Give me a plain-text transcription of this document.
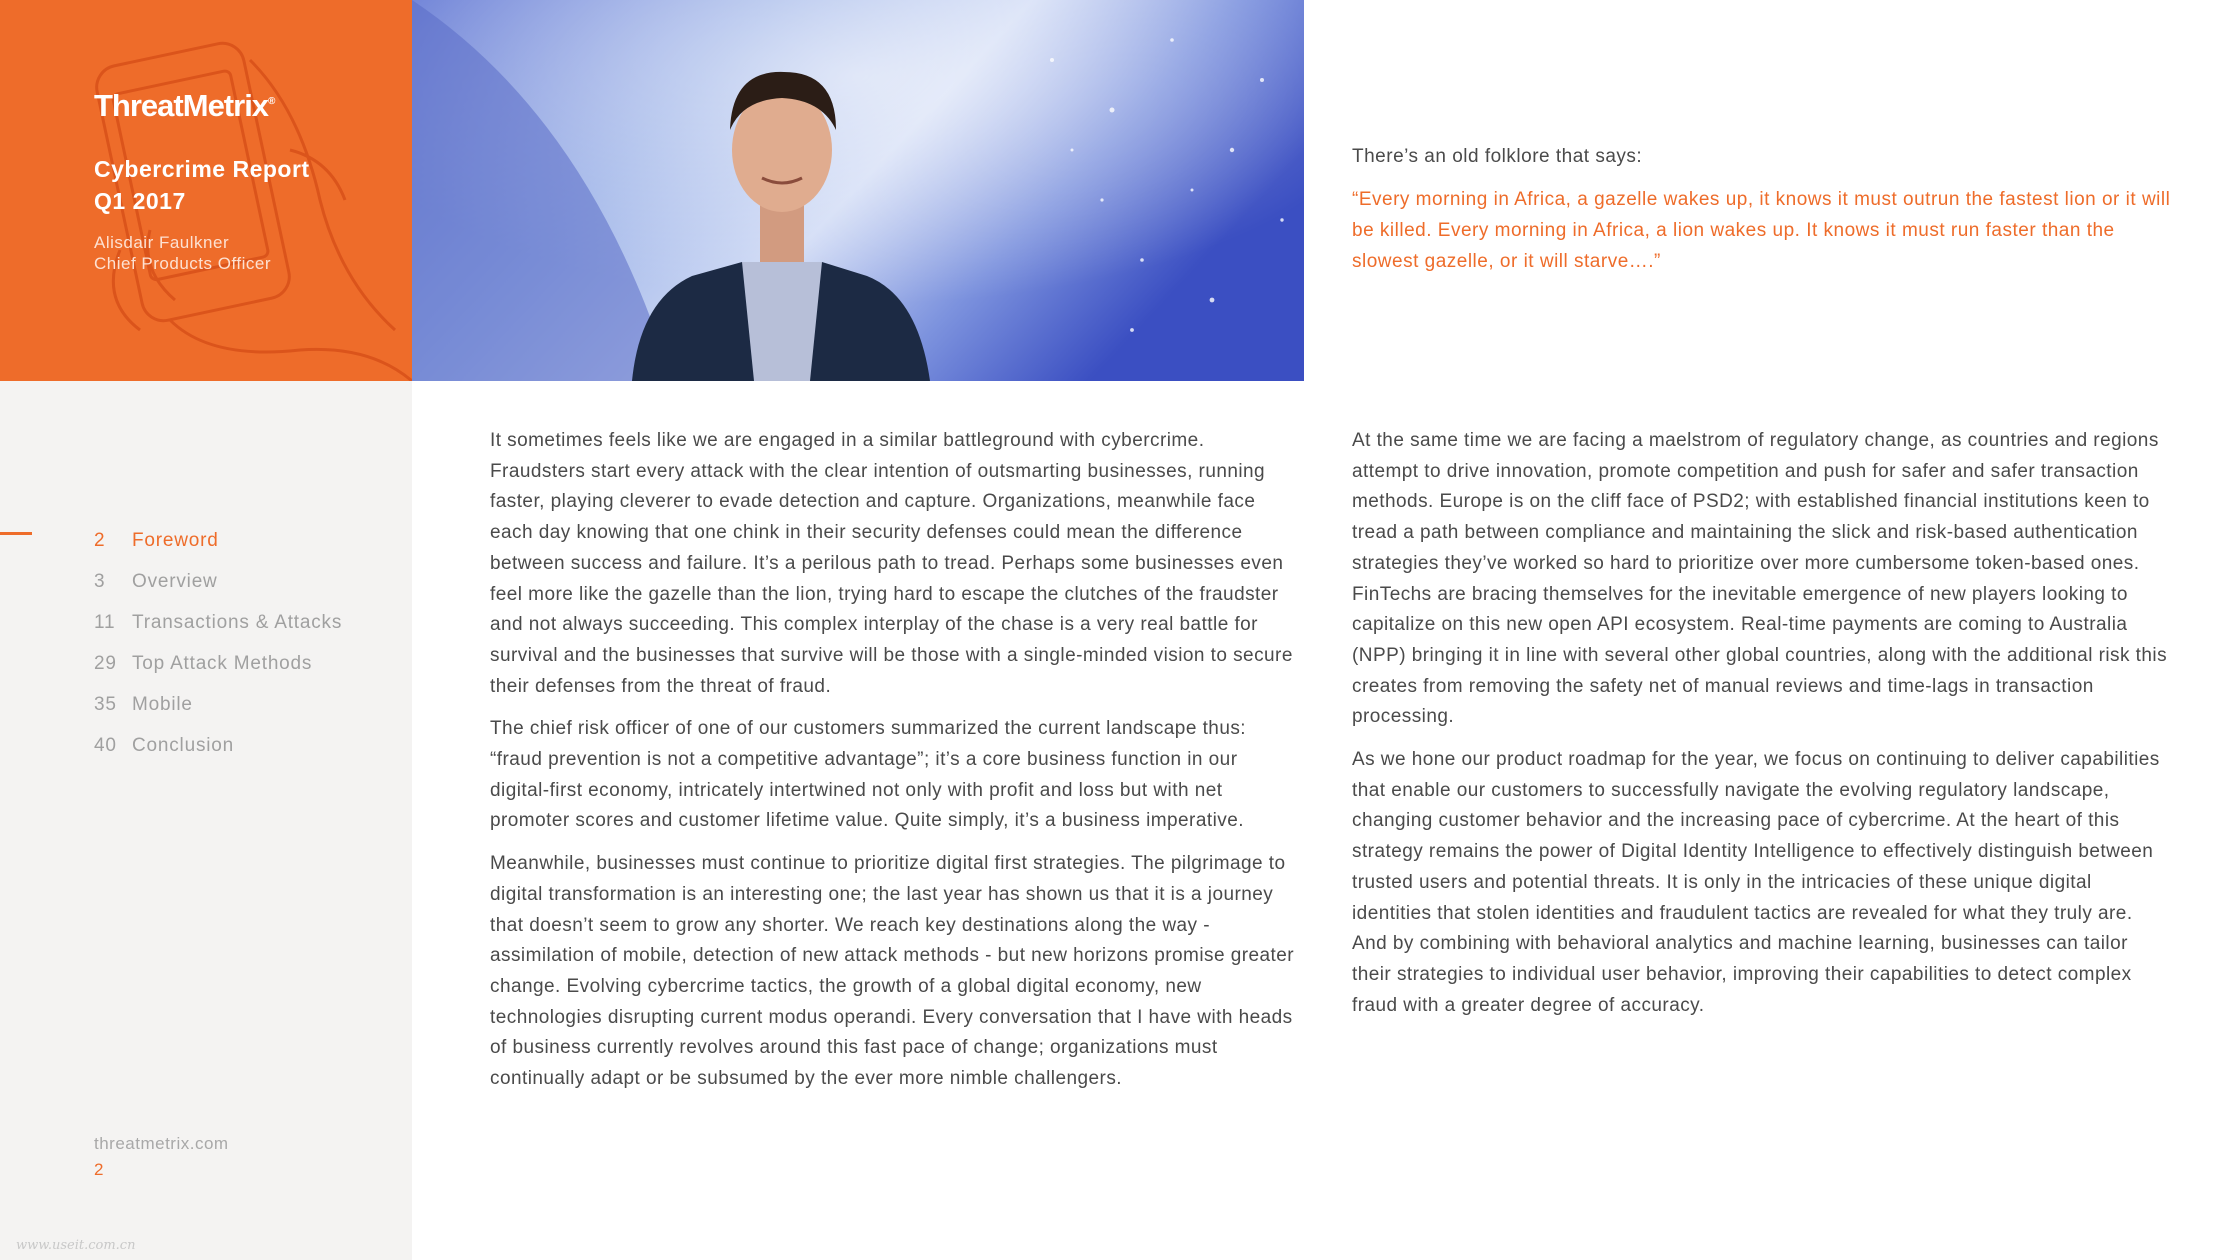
ThreatMetrix®
Cybercrime Report
Q1 2017
Alisdair Faulkner
Chief Products Officer
2	Foreword
3	Overview
11 Transactions & Attacks
29 Top Attack Methods
35 Mobile
40 Conclusion
threatmetrix.com
2
www.useit.com.cn

There’s an old folklore that says:

“Every morning in Africa, a gazelle wakes up, it knows it must outrun the fastest lion or it will be killed. Every morning in Africa, a lion wakes up. It knows it must run faster than the slowest gazelle, or it will starve….”

It sometimes feels like we are engaged in a similar battleground with cybercrime. Fraudsters start every attack with the clear intention of outsmarting businesses, running faster, playing cleverer to evade detection and capture. Organizations, meanwhile face each day knowing that one chink in their security defenses could mean the difference between success and failure. It’s a perilous path to tread. Perhaps some businesses even feel more like the gazelle than the lion, trying hard to escape the clutches of the fraudster and not always succeeding. This complex interplay of the chase is a very real battle for survival and the businesses that survive will be those with a single-minded vision to secure their defenses from the threat of fraud.

The chief risk officer of one of our customers summarized the current landscape thus: “fraud prevention is not a competitive advantage”; it’s a core business function in our digital-first economy, intricately intertwined not only with profit and loss but with net promoter scores and customer lifetime value. Quite simply, it’s a business imperative.

Meanwhile, businesses must continue to prioritize digital first strategies. The pilgrimage to digital transformation is an interesting one; the last year has shown us that it is a journey that doesn’t seem to grow any shorter. We reach key destinations along the way - assimilation of mobile, detection of new attack methods - but new horizons promise greater change. Evolving cybercrime tactics, the growth of a global digital economy, new technologies disrupting current modus operandi. Every conversation that I have with heads of business currently revolves around this fast pace of change; organizations must continually adapt or be subsumed by the ever more nimble challengers.

At the same time we are facing a maelstrom of regulatory change, as countries and regions attempt to drive innovation, promote competition and push for safer and safer transaction methods. Europe is on the cliff face of PSD2; with established financial institutions keen to tread a path between compliance and maintaining the slick and risk-based authentication strategies they’ve worked so hard to prioritize over more cumbersome token-based ones. FinTechs are bracing themselves for the inevitable emergence of new players looking to capitalize on this new open API ecosystem. Real-time payments are coming to Australia (NPP) bringing it in line with several other global countries, along with the additional risk this creates from removing the safety net of manual reviews and time-lags in transaction processing.

As we hone our product roadmap for the year, we focus on continuing to deliver capabilities that enable our customers to successfully navigate the evolving regulatory landscape, changing customer behavior and the increasing pace of cybercrime. At the heart of this strategy remains the power of Digital Identity Intelligence to effectively distinguish between trusted users and potential threats. It is only in the intricacies of these unique digital identities that stolen identities and fraudulent tactics are revealed for what they truly are. And by combining with behavioral analytics and machine learning, businesses can tailor their strategies to individual user behavior, improving their capabilities to detect complex fraud with a greater degree of accuracy.
